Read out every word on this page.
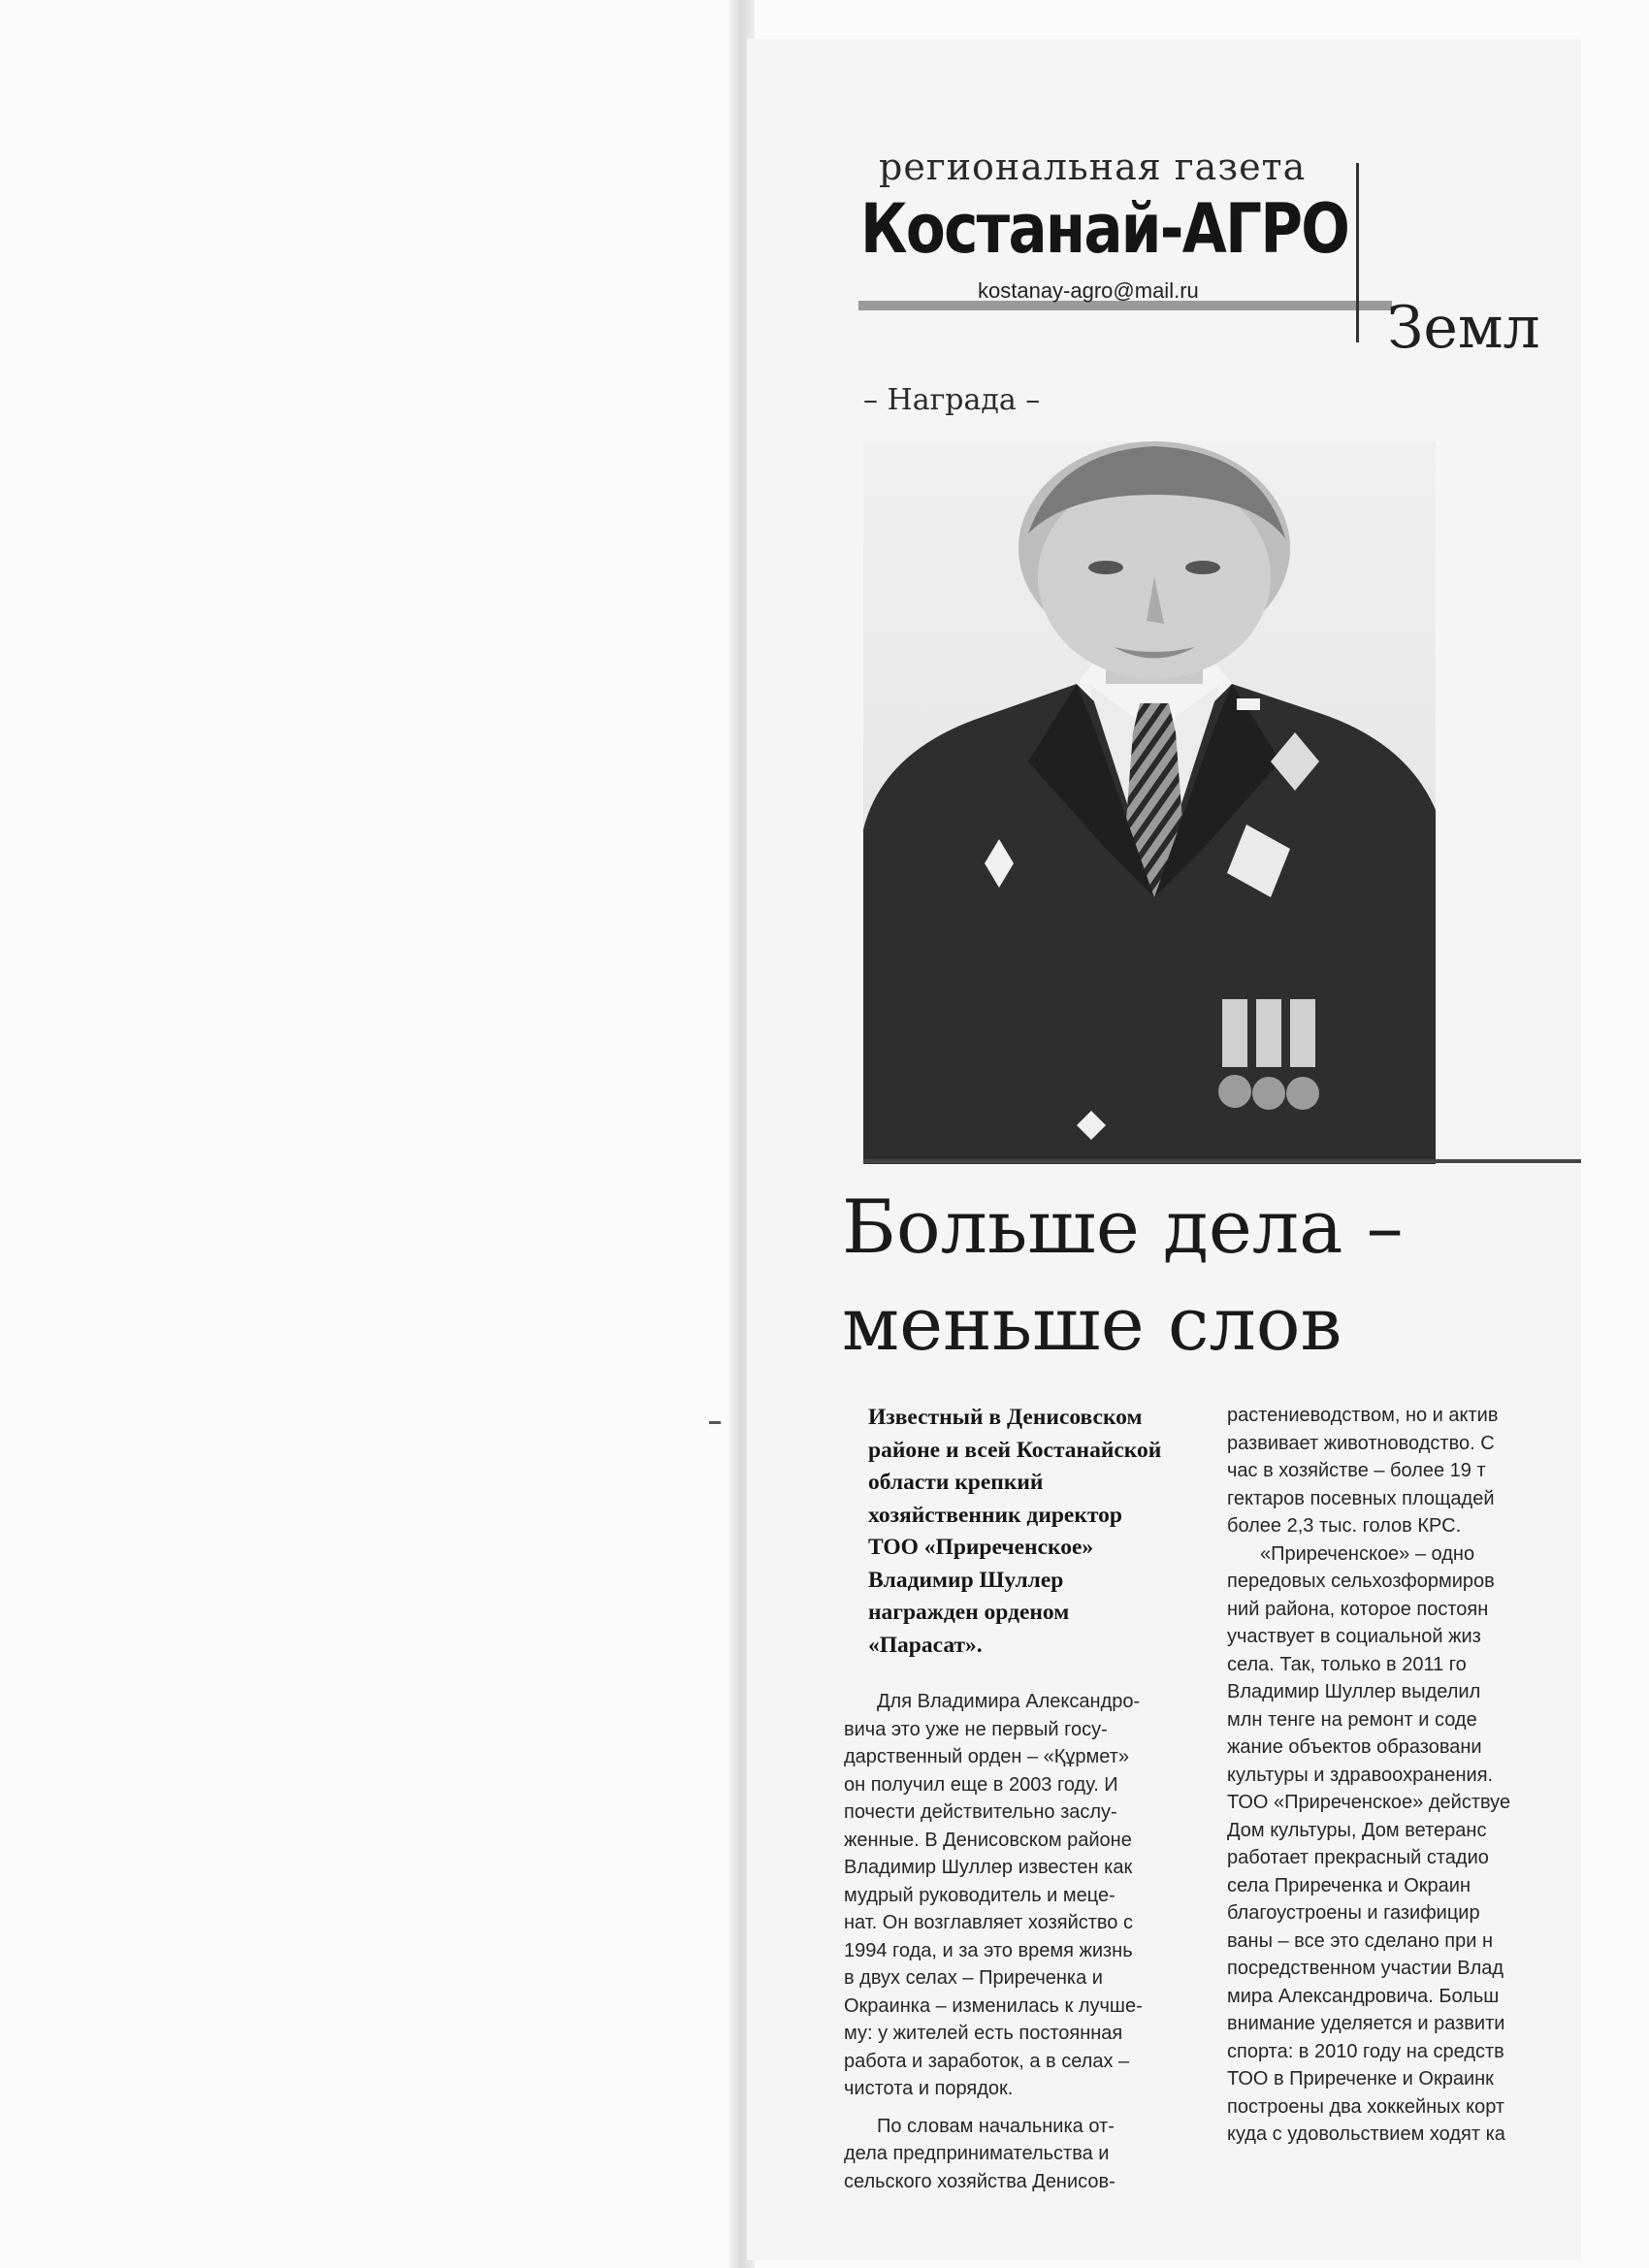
региональная газета
Костанай-АГРО
kostanay-agro@mail.ru
Земл
– Награда –
Больше дела –
меньше слов
Известный в Денисовском
районе и всей Костанайской
области крепкий
хозяйственник директор
ТОО «Приреченское»
Владимир Шуллер
награжден орденом
«Парасат».
Для Владимира Александро-
вича это уже не первый госу-
дарственный орден – «Құрмет»
он получил еще в 2003 году. И
почести действительно заслу-
женные. В Денисовском районе
Владимир Шуллер известен как
мудрый руководитель и меце-
нат. Он возглавляет хозяйство с
1994 года, и за это время жизнь
в двух селах – Приреченка и
Окраинка – изменилась к лучше-
му: у жителей есть постоянная
работа и заработок, а в селах –
чистота и порядок.
По словам начальника от-
дела предпринимательства и
сельского хозяйства Денисов-
растениеводством, но и актив
развивает животноводство. С
час в хозяйстве – более 19 т
гектаров посевных площадей
более 2,3 тыс. голов КРС.
«Приреченское» – одно
передовых сельхозформиров
ний района, которое постоян
участвует в социальной жиз
села. Так, только в 2011 го
Владимир Шуллер выделил
млн тенге на ремонт и соде
жание объектов образовани
культуры и здравоохранения.
ТОО «Приреченское» действуе
Дом культуры, Дом ветеранс
работает прекрасный стадио
села Приреченка и Окраин
благоустроены и газифицир
ваны – все это сделано при н
посредственном участии Влад
мира Александровича. Больш
внимание уделяется и развити
спорта: в 2010 году на средств
ТОО в Приреченке и Окраинк
построены два хоккейных корт
куда с удовольствием ходят ка
